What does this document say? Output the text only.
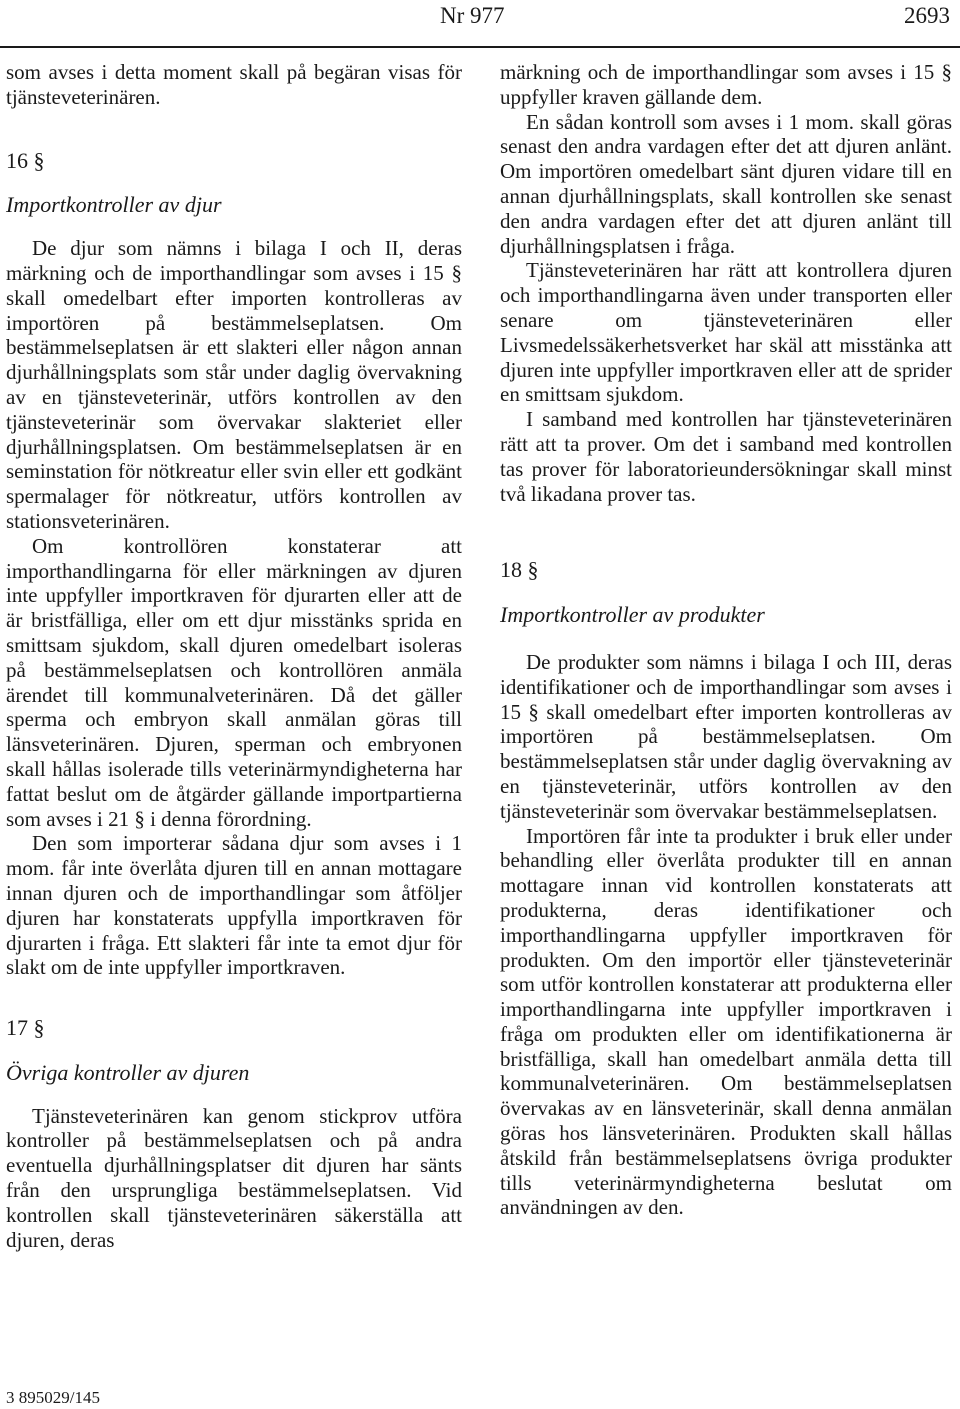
Nr 977	2693

som avses i detta moment skall på begäran visas för tjänsteveterinären.

16 §

Importkontroller av djur

De djur som nämns i bilaga I och II, deras märkning och de importhandlingar som avses i 15 § skall omedelbart efter importen kontrolleras av importören på bestämmelseplatsen. Om bestämmelseplatsen är ett slakteri eller någon annan djurhållningsplats som står under daglig övervakning av en tjänsteveterinär, utförs kontrollen av den tjänsteveterinär som övervakar slakteriet eller djurhållningsplatsen. Om bestämmelseplatsen är en seminstation för nötkreatur eller svin eller ett godkänt spermalager för nötkreatur, utförs kontrollen av stationsveterinären.

Om kontrollören konstaterar att importhandlingarna för eller märkningen av djuren inte uppfyller importkraven för djurarten eller att de är bristfälliga, eller om ett djur misstänks sprida en smittsam sjukdom, skall djuren omedelbart isoleras på bestämmelseplatsen och kontrollören anmäla ärendet till kommunalveterinären. Då det gäller sperma och embryon skall anmälan göras till länsveterinären. Djuren, sperman och embryonen skall hållas isolerade tills veterinärmyndigheterna har fattat beslut om de åtgärder gällande importpartierna som avses i 21 § i denna förordning.

Den som importerar sådana djur som avses i 1 mom. får inte överlåta djuren till en annan mottagare innan djuren och de importhandlingar som åtföljer djuren har konstaterats uppfylla importkraven för djurarten i fråga. Ett slakteri får inte ta emot djur för slakt om de inte uppfyller importkraven.

17 §

Övriga kontroller av djuren

Tjänsteveterinären kan genom stickprov utföra kontroller på bestämmelseplatsen och på andra eventuella djurhållningsplatser dit djuren har sänts från den ursprungliga bestämmelseplatsen. Vid kontrollen skall tjänsteveterinären säkerställa att djuren, deras

märkning och de importhandlingar som avses i 15 § uppfyller kraven gällande dem.

En sådan kontroll som avses i 1 mom. skall göras senast den andra vardagen efter det att djuren anlänt. Om importören omedelbart sänt djuren vidare till en annan djurhållningsplats, skall kontrollen ske senast den andra vardagen efter det att djuren anlänt till djurhållningsplatsen i fråga.

Tjänsteveterinären har rätt att kontrollera djuren och importhandlingarna även under transporten eller senare om tjänsteveterinären eller Livsmedelssäkerhetsverket har skäl att misstänka att djuren inte uppfyller importkraven eller att de sprider en smittsam sjukdom.

I samband med kontrollen har tjänsteveterinären rätt att ta prover. Om det i samband med kontrollen tas prover för laboratorieundersökningar skall minst två likadana prover tas.

18 §

Importkontroller av produkter

De produkter som nämns i bilaga I och III, deras identifikationer och de importhandlingar som avses i 15 § skall omedelbart efter importen kontrolleras av importören på bestämmelseplatsen. Om bestämmelseplatsen står under daglig övervakning av en tjänsteveterinär, utförs kontrollen av den tjänsteveterinär som övervakar bestämmelseplatsen.

Importören får inte ta produkter i bruk eller under behandling eller överlåta produkter till en annan mottagare innan vid kontrollen konstaterats att produkterna, deras identifikationer och importhandlingarna uppfyller importkraven för produkten. Om den importör eller tjänsteveterinär som utför kontrollen konstaterar att produkterna eller importhandlingarna inte uppfyller importkraven i fråga om produkten eller om identifikationerna är bristfälliga, skall han omedelbart anmäla detta till kommunalveterinären. Om bestämmelseplatsen övervakas av en länsveterinär, skall denna anmälan göras hos länsveterinären. Produkten skall hållas åtskild från bestämmelseplatsens övriga produkter tills veterinärmyndigheterna beslutat om användningen av den.

3 895029/145
